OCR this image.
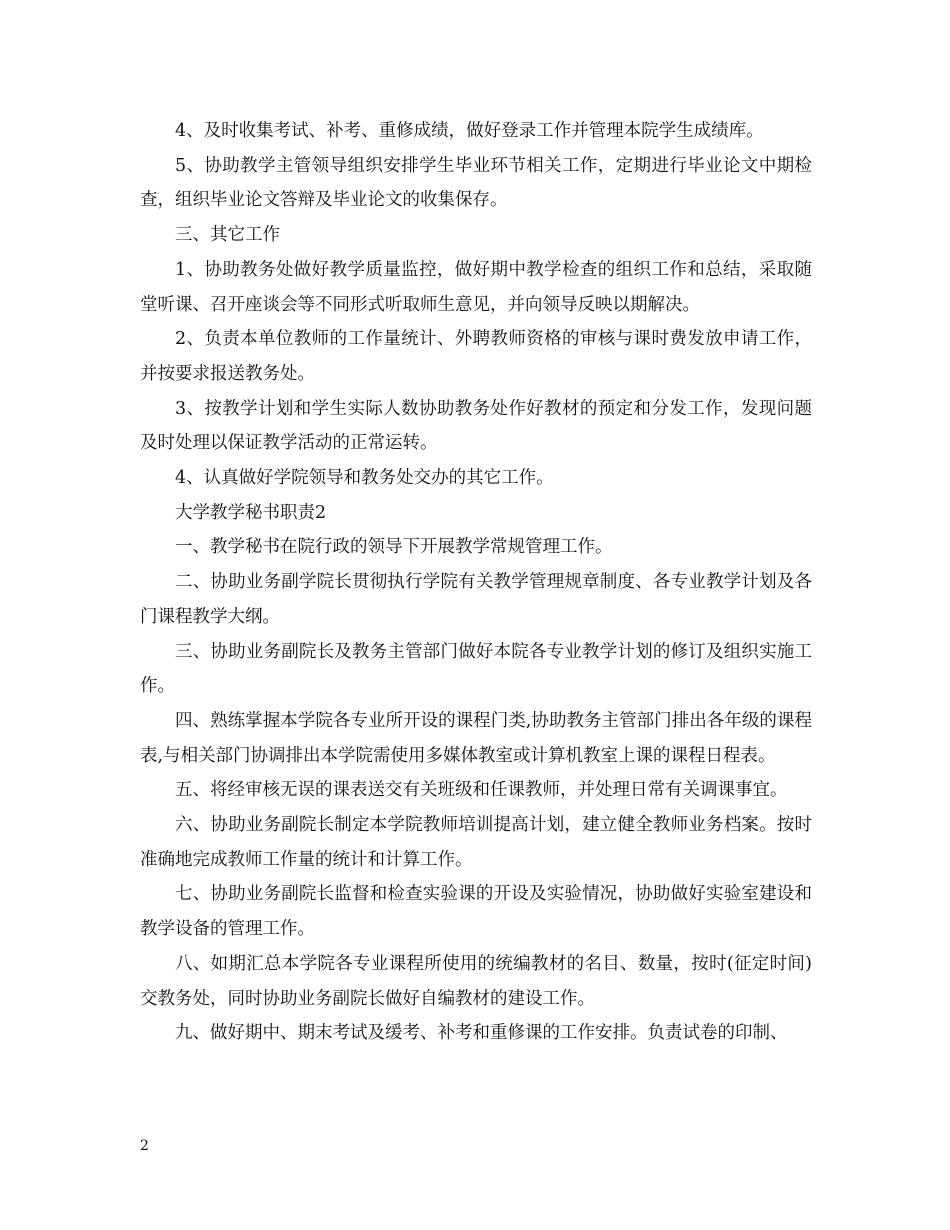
4、及时收集考试、补考、重修成绩，做好登录工作并管理本院学生成绩库。

5、协助教学主管领导组织安排学生毕业环节相关工作，定期进行毕业论文中期检查，组织毕业论文答辩及毕业论文的收集保存。

三、其它工作

1、协助教务处做好教学质量监控，做好期中教学检查的组织工作和总结，采取随堂听课、召开座谈会等不同形式听取师生意见，并向领导反映以期解决。

2、负责本单位教师的工作量统计、外聘教师资格的审核与课时费发放申请工作，并按要求报送教务处。

3、按教学计划和学生实际人数协助教务处作好教材的预定和分发工作，发现问题及时处理以保证教学活动的正常运转。

4、认真做好学院领导和教务处交办的其它工作。

大学教学秘书职责2

一、教学秘书在院行政的领导下开展教学常规管理工作。

二、协助业务副学院长贯彻执行学院有关教学管理规章制度、各专业教学计划及各门课程教学大纲。

三、协助业务副院长及教务主管部门做好本院各专业教学计划的修订及组织实施工作。

四、熟练掌握本学院各专业所开设的课程门类,协助教务主管部门排出各年级的课程表,与相关部门协调排出本学院需使用多媒体教室或计算机教室上课的课程日程表。

五、将经审核无误的课表送交有关班级和任课教师，并处理日常有关调课事宜。

六、协助业务副院长制定本学院教师培训提高计划，建立健全教师业务档案。按时准确地完成教师工作量的统计和计算工作。

七、协助业务副院长监督和检查实验课的开设及实验情况，协助做好实验室建设和教学设备的管理工作。

八、如期汇总本学院各专业课程所使用的统编教材的名目、数量，按时(征定时间)交教务处，同时协助业务副院长做好自编教材的建设工作。

九、做好期中、期末考试及缓考、补考和重修课的工作安排。负责试卷的印制、

2
